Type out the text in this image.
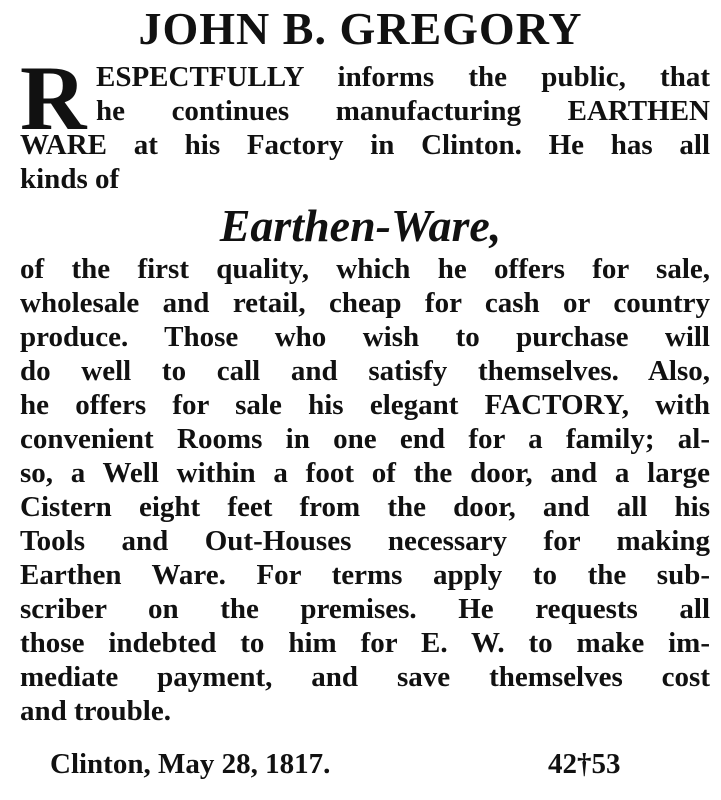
JOHN B. GREGORY
R ESPECTFULLY informs the public, that
he continues manufacturing EARTHEN
WARE at his Factory in Clinton. He has all
kinds of
Earthen-Ware,
of the first quality, which he offers for sale,
wholesale and retail, cheap for cash or country
produce. Those who wish to purchase will
do well to call and satisfy themselves. Also,
he offers for sale his elegant FACTORY, with
convenient Rooms in one end for a family; al-
so, a Well within a foot of the door, and a large
Cistern eight feet from the door, and all his
Tools and Out-Houses necessary for making
Earthen Ware. For terms apply to the sub-
scriber on the premises. He requests all
those indebted to him for E. W. to make im-
mediate payment, and save themselves cost
and trouble.
Clinton, May 28, 1817.	42†53
